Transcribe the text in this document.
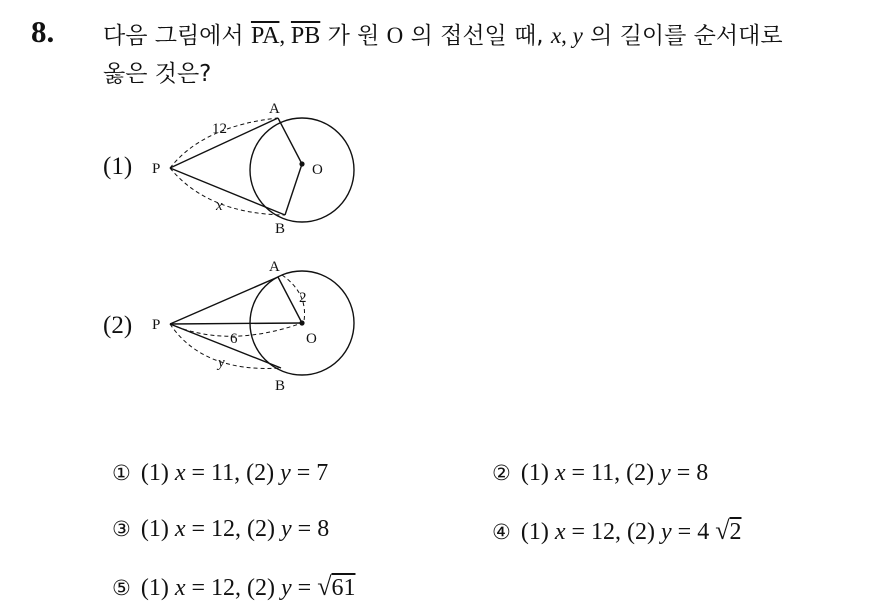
8. 다음 그림에서 $\overline{PA}$, $\overline{PB}$ 가 원 O 의 접선일 때, x, y 의 길이를 순서대로
옳은 것은?
(1) P
A
B
O
12
x
(2) P
A
B
O
2
6
y
① (1) x = 11, (2) y = 7	② (1) x = 11, (2) y = 8
③ (1) x = 12, (2) y = 8	④ (1) x = 12, (2) y = 4 √2
⑤ (1) x = 12, (2) y = √61
